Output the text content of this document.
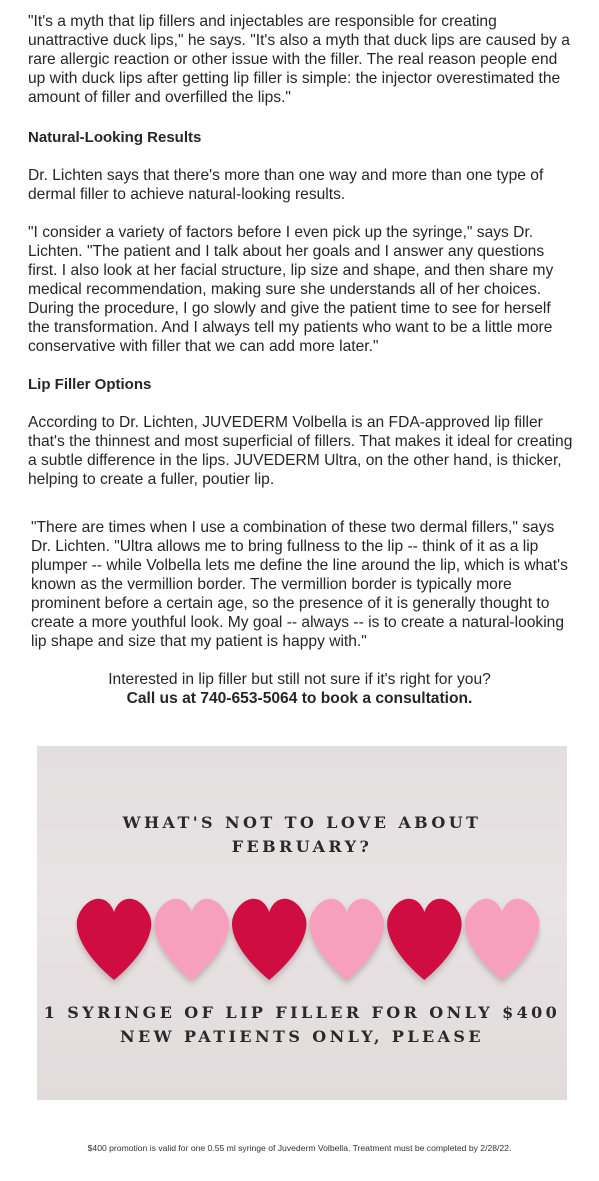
"It's a myth that lip fillers and injectables are responsible for creating unattractive duck lips," he says. "It's also a myth that duck lips are caused by a rare allergic reaction or other issue with the filler. The real reason people end up with duck lips after getting lip filler is simple: the injector overestimated the amount of filler and overfilled the lips."

Natural-Looking Results

Dr. Lichten says that there's more than one way and more than one type of dermal filler to achieve natural-looking results.

"I consider a variety of factors before I even pick up the syringe," says Dr. Lichten. "The patient and I talk about her goals and I answer any questions first. I also look at her facial structure, lip size and shape, and then share my medical recommendation, making sure she understands all of her choices. During the procedure, I go slowly and give the patient time to see for herself the transformation. And I always tell my patients who want to be a little more conservative with filler that we can add more later."

Lip Filler Options

According to Dr. Lichten, JUVEDERM Volbella is an FDA-approved lip filler that's the thinnest and most superficial of fillers. That makes it ideal for creating a subtle difference in the lips. JUVEDERM Ultra, on the other hand, is thicker, helping to create a fuller, poutier lip.

"There are times when I use a combination of these two dermal fillers," says Dr. Lichten. "Ultra allows me to bring fullness to the lip -- think of it as a lip plumper -- while Volbella lets me define the line around the lip, which is what's known as the vermillion border. The vermillion border is typically more prominent before a certain age, so the presence of it is generally thought to create a more youthful look. My goal -- always -- is to create a natural-looking lip shape and size that my patient is happy with."

Interested in lip filler but still not sure if it's right for you?

Call us at 740-653-5064 to book a consultation.

WHAT'S NOT TO LOVE ABOUT

FEBRUARY?

1 SYRINGE OF LIP FILLER FOR ONLY $400

NEW PATIENTS ONLY, PLEASE

$400 promotion is valid for one 0.55 ml syringe of Juvederm Volbella. Treatment must be completed by 2/28/22.
